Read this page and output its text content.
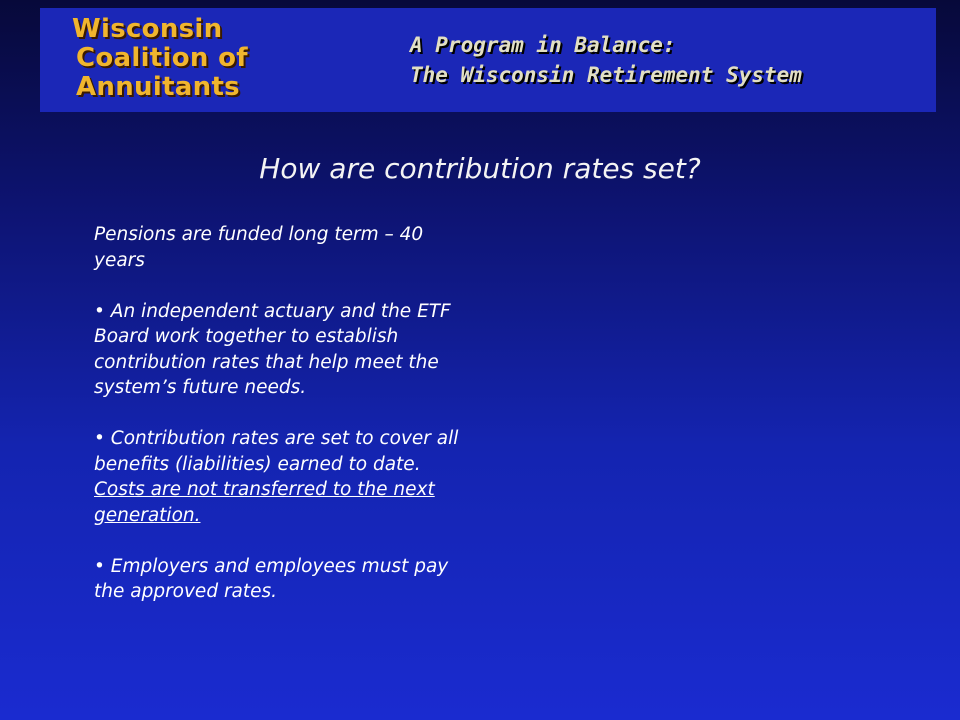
Wisconsin
Coalition of
Annuitants
A Program in Balance:
The Wisconsin Retirement System
How are contribution rates set?

Pensions are funded long term – 40 years

• An independent actuary and the ETF Board work together to establish contribution rates that help meet the system’s future needs.

• Contribution rates are set to cover all benefits (liabilities) earned to date. Costs are not transferred to the next generation.

• Employers and employees must pay the approved rates.
